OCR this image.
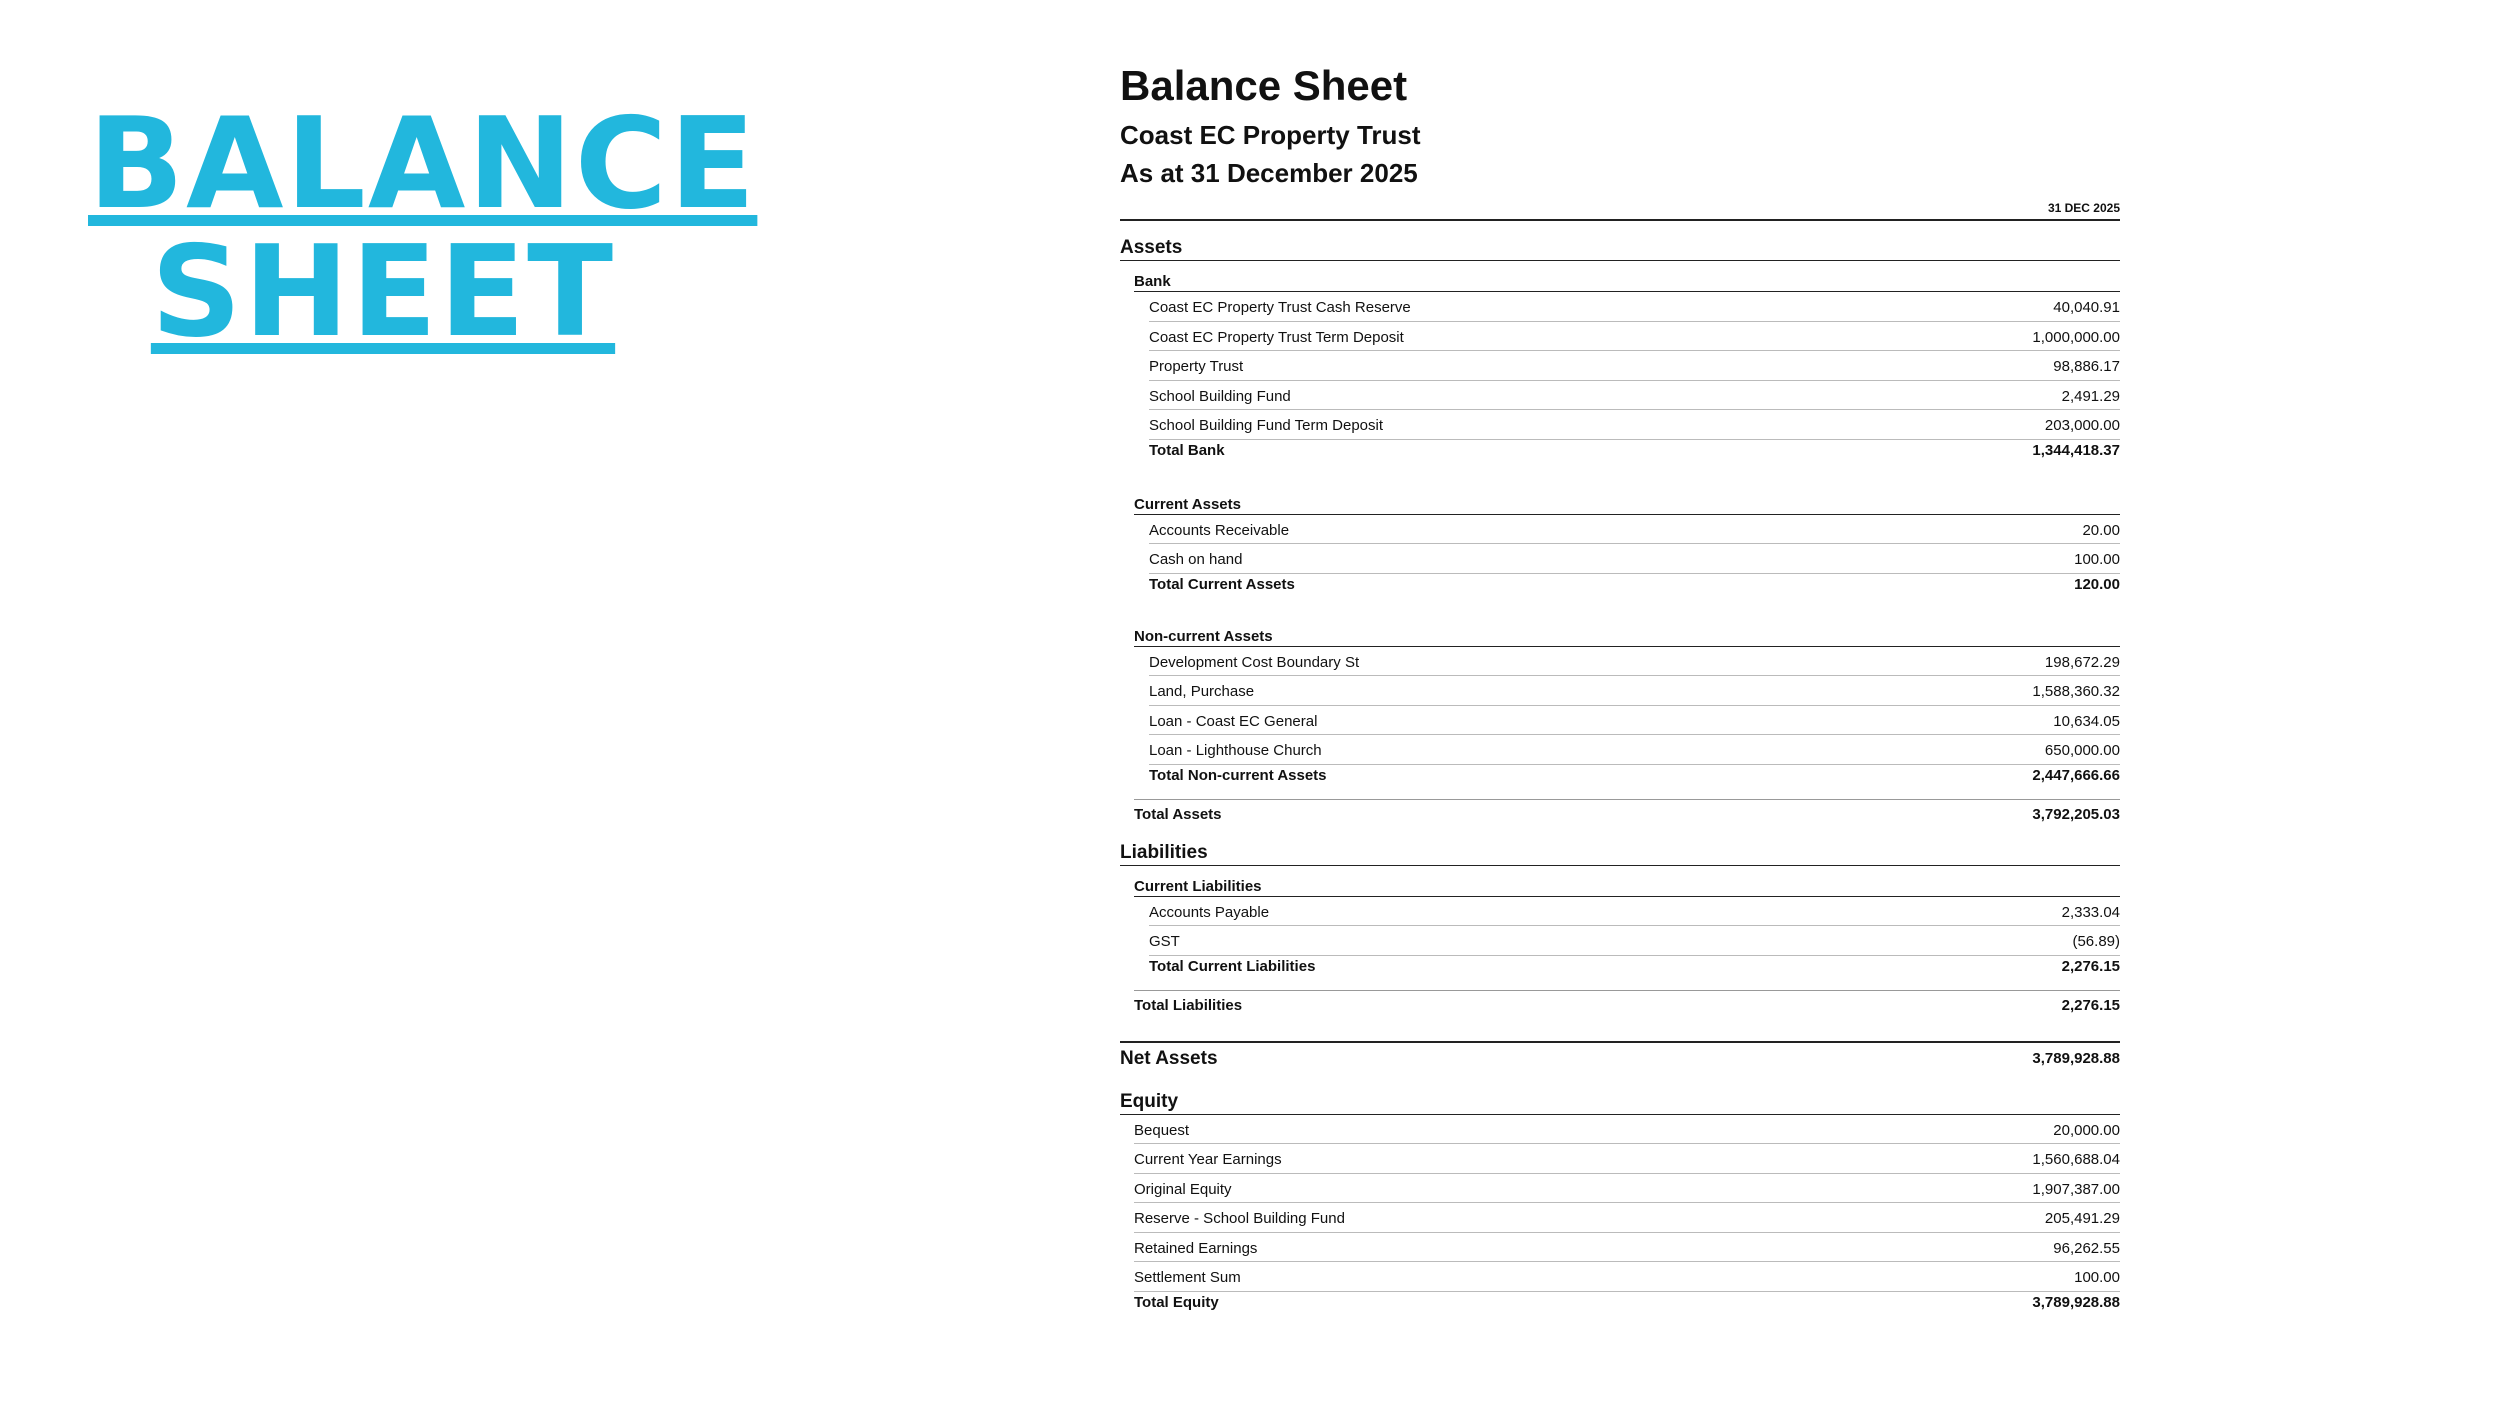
BALANCE
SHEET

Balance Sheet

Coast EC Property Trust

As at 31 December 2025

31 DEC 2025
Assets
Bank
Coast EC Property Trust Cash Reserve	40,040.91
Coast EC Property Trust Term Deposit	1,000,000.00
Property Trust	98,886.17
School Building Fund	2,491.29
School Building Fund Term Deposit	203,000.00
Total Bank	1,344,418.37
Current Assets
Accounts Receivable	20.00
Cash on hand	100.00
Total Current Assets	120.00
Non-current Assets
Development Cost Boundary St	198,672.29
Land, Purchase	1,588,360.32
Loan - Coast EC General	10,634.05
Loan - Lighthouse Church	650,000.00
Total Non-current Assets	2,447,666.66
Total Assets	3,792,205.03
Liabilities
Current Liabilities
Accounts Payable	2,333.04
GST	(56.89)
Total Current Liabilities	2,276.15
Total Liabilities	2,276.15
Net Assets	3,789,928.88
Equity
Bequest	20,000.00
Current Year Earnings	1,560,688.04
Original Equity	1,907,387.00
Reserve - School Building Fund	205,491.29
Retained Earnings	96,262.55
Settlement Sum	100.00
Total Equity	3,789,928.88
